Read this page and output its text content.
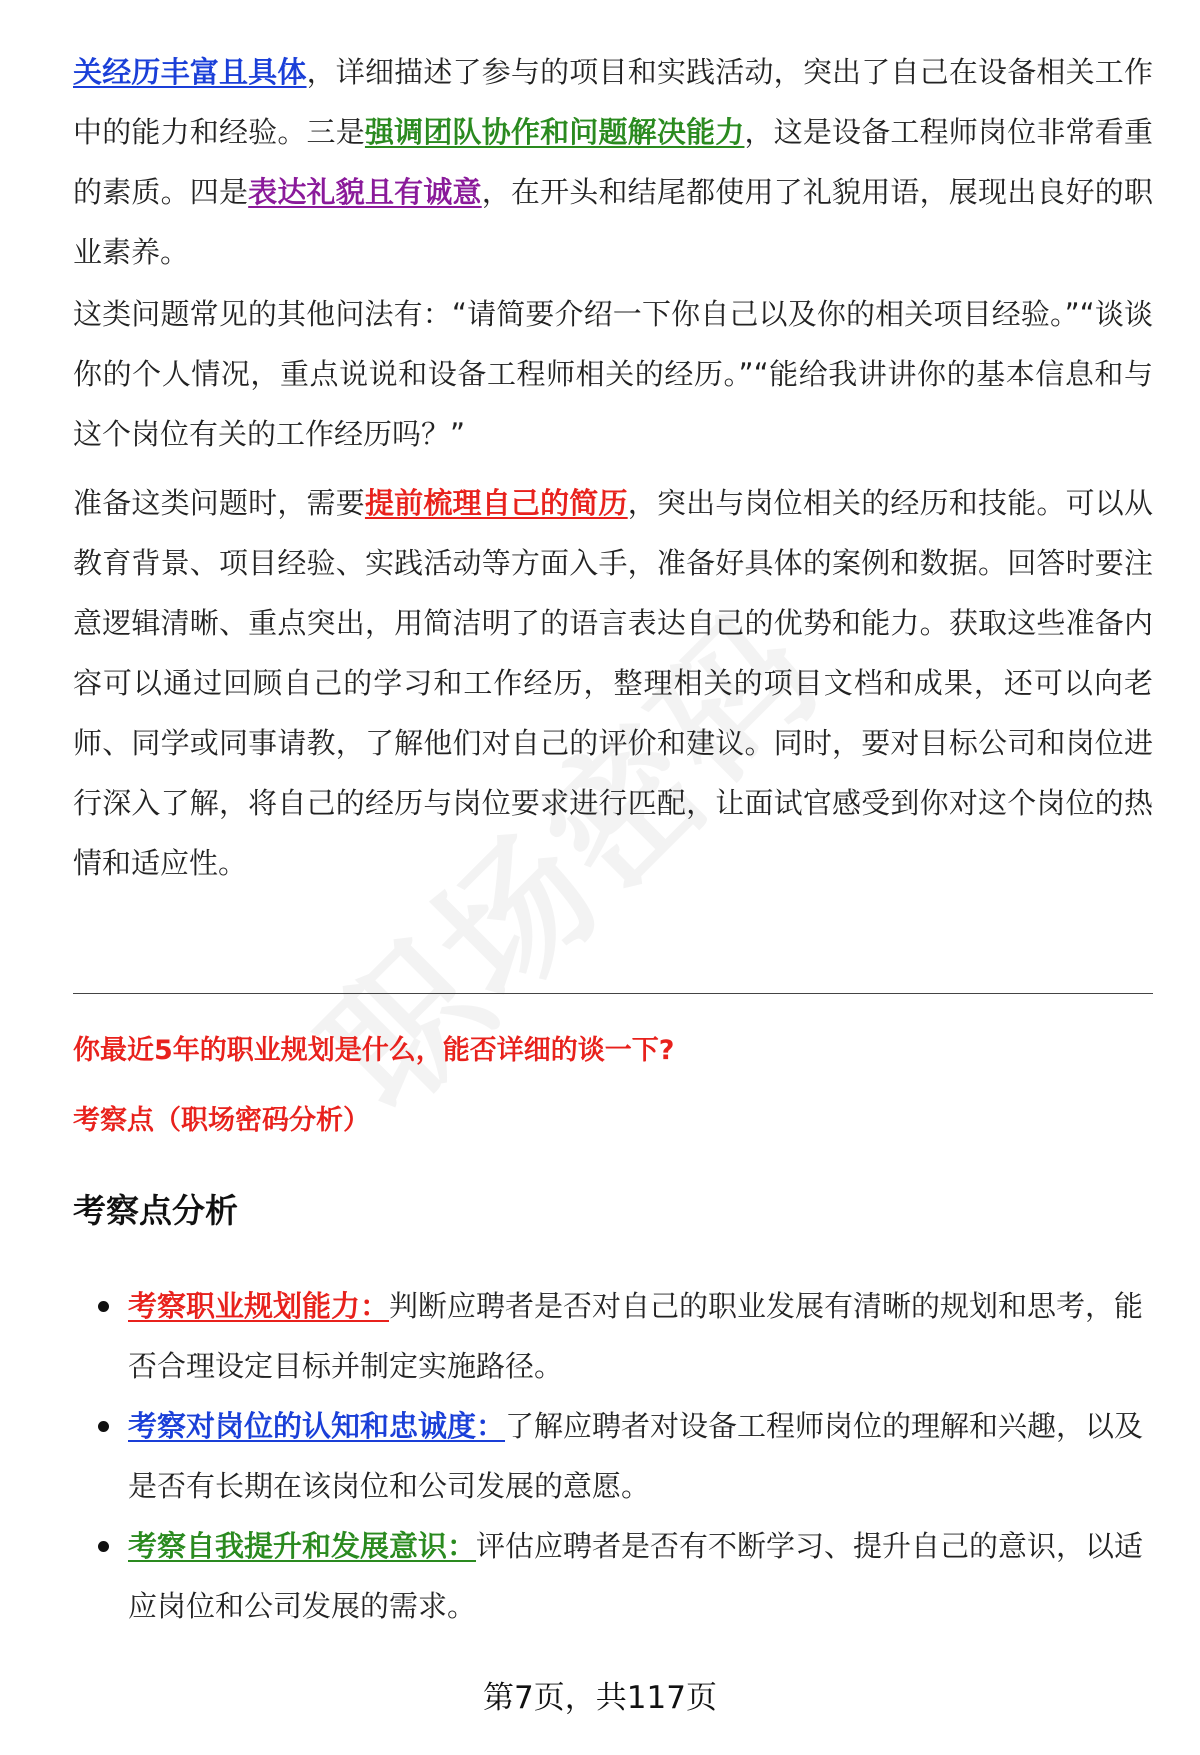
关经历丰富且具体，详细描述了参与的项目和实践活动，突出了自己在设备相关工作中的能力和经验。三是强调团队协作和问题解决能力，这是设备工程师岗位非常看重的素质。四是表达礼貌且有诚意，在开头和结尾都使用了礼貌用语，展现出良好的职业素养。

这类问题常见的其他问法有：“请简要介绍一下你自己以及你的相关项目经验。”“谈谈你的个人情况，重点说说和设备工程师相关的经历。”“能给我讲讲你的基本信息和与这个岗位有关的工作经历吗？”

准备这类问题时，需要提前梳理自己的简历，突出与岗位相关的经历和技能。可以从教育背景、项目经验、实践活动等方面入手，准备好具体的案例和数据。回答时要注意逻辑清晰、重点突出，用简洁明了的语言表达自己的优势和能力。获取这些准备内容可以通过回顾自己的学习和工作经历，整理相关的项目文档和成果，还可以向老师、同学或同事请教，了解他们对自己的评价和建议。同时，要对目标公司和岗位进行深入了解，将自己的经历与岗位要求进行匹配，让面试官感受到你对这个岗位的热情和适应性。

你最近5年的职业规划是什么，能否详细的谈一下?

考察点（职场密码分析）

考察点分析
考察职业规划能力：判断应聘者是否对自己的职业发展有清晰的规划和思考，能否合理设定目标并制定实施路径。
考察对岗位的认知和忠诚度：了解应聘者对设备工程师岗位的理解和兴趣，以及是否有长期在该岗位和公司发展的意愿。
考察自我提升和发展意识：评估应聘者是否有不断学习、提升自己的意识，以适应岗位和公司发展的需求。
第7页，共117页
